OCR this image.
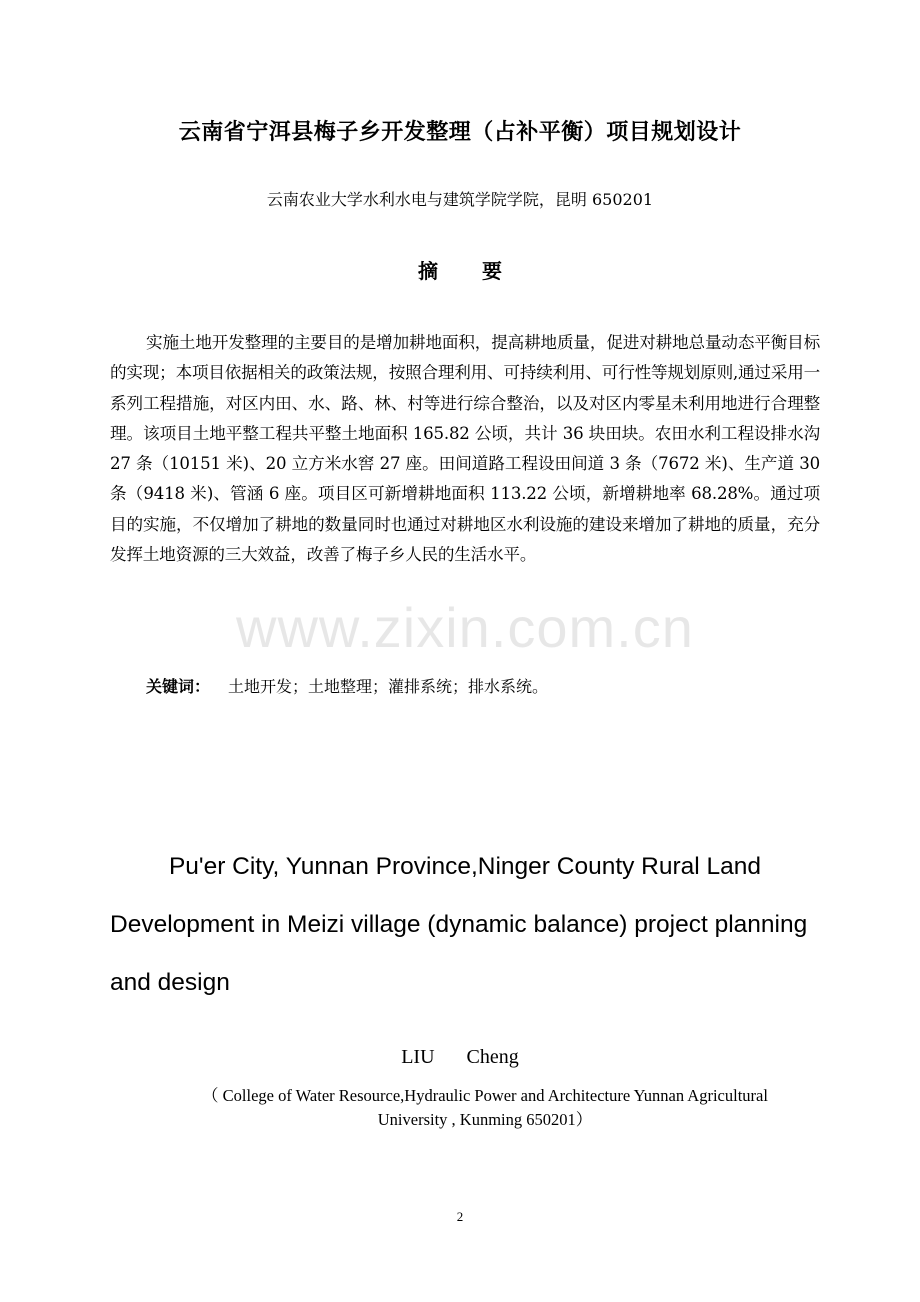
云南省宁洱县梅子乡开发整理（占补平衡）项目规划设计
云南农业大学水利水电与建筑学院学院，昆明 650201
摘要
实施土地开发整理的主要目的是增加耕地面积，提高耕地质量，促进对耕地总量动态平衡目标的实现；本项目依据相关的政策法规，按照合理利用、可持续利用、可行性等规划原则,通过采用一系列工程措施，对区内田、水、路、林、村等进行综合整治，以及对区内零星未利用地进行合理整理。该项目土地平整工程共平整土地面积 165.82 公顷，共计 36 块田块。农田水利工程设排水沟 27 条（10151 米)、20 立方米水窖 27 座。田间道路工程设田间道 3 条（7672 米)、生产道 30 条（9418 米)、管涵 6 座。项目区可新增耕地面积 113.22 公顷，新增耕地率 68.28%。通过项目的实施，不仅增加了耕地的数量同时也通过对耕地区水利设施的建设来增加了耕地的质量，充分发挥土地资源的三大效益，改善了梅子乡人民的生活水平。
关键词： 土地开发；土地整理；灌排系统；排水系统。
Pu'er City, Yunnan Province,Ninger County Rural Land
Development in Meizi village (dynamic balance) project planning
and design
LIU Cheng
（ College of Water Resource,Hydraulic Power and Architecture Yunnan Agricultural
University , Kunming 650201）
www.zixin.com.cn
2
